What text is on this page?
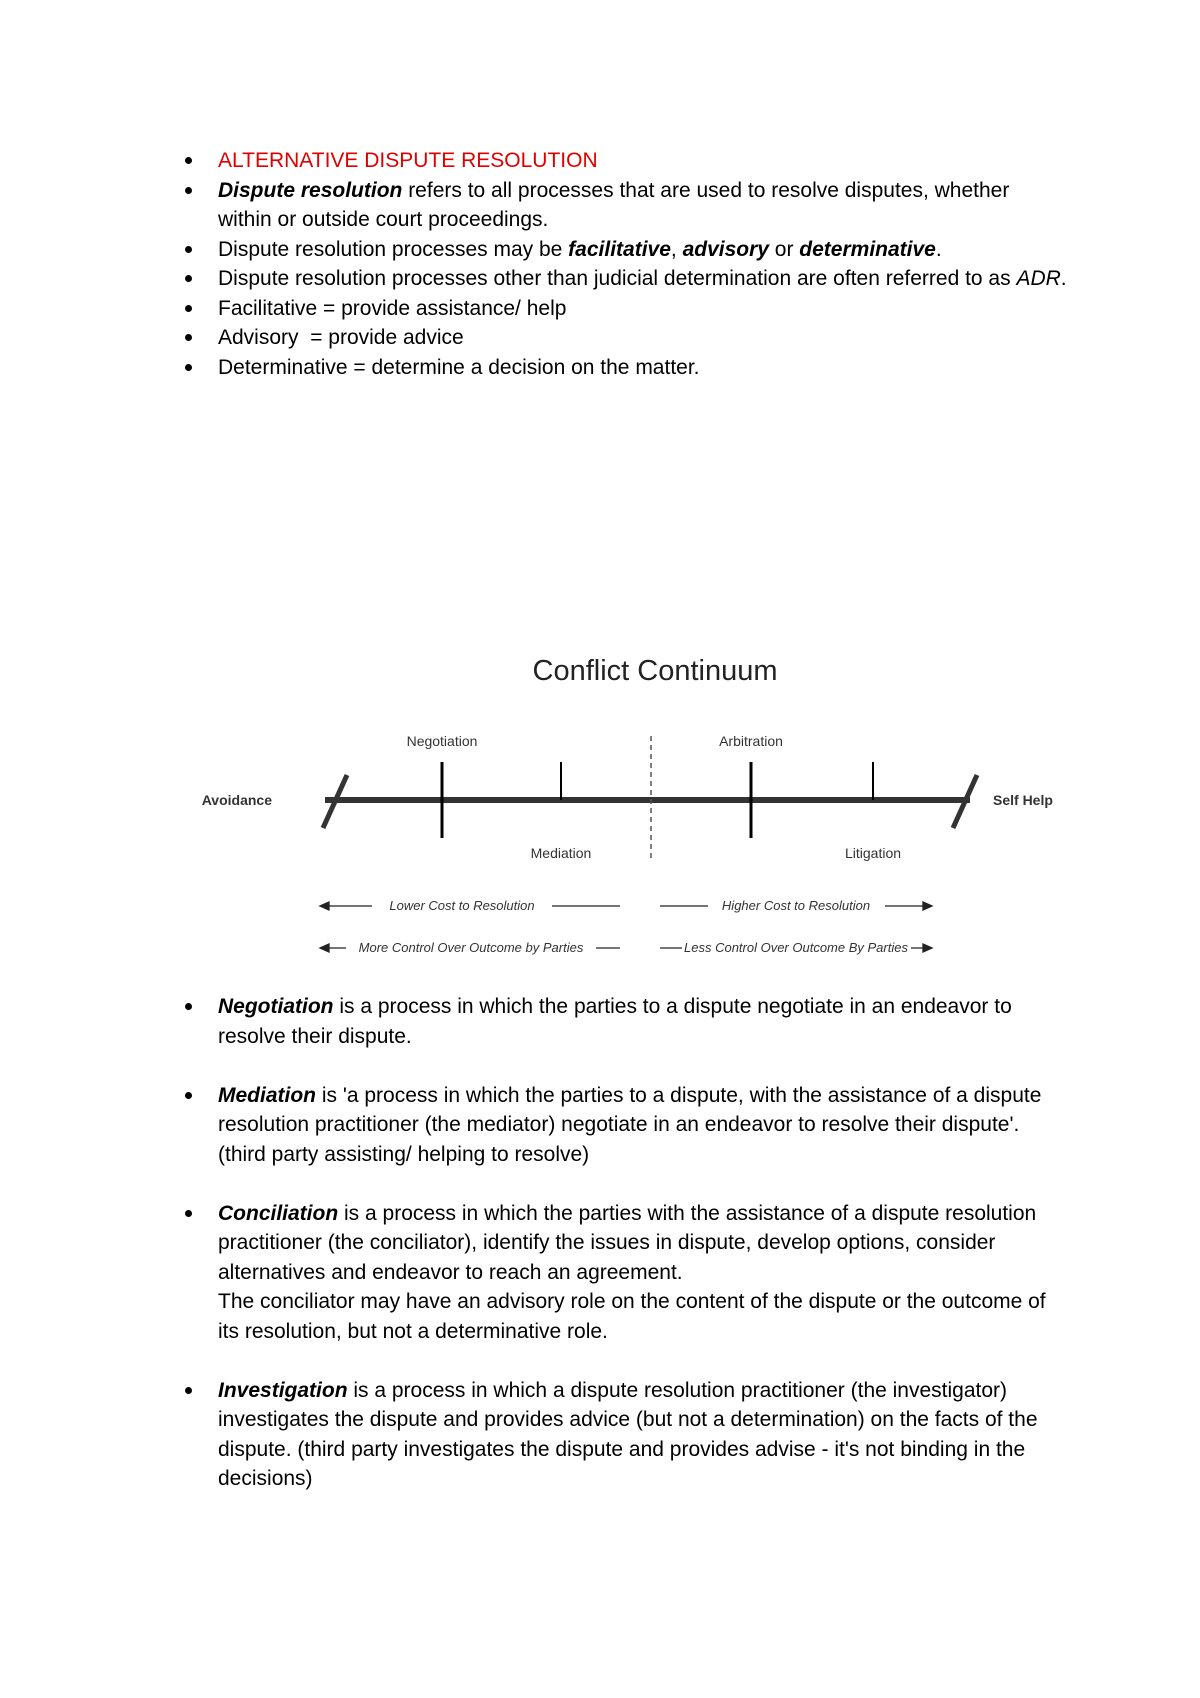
ALTERNATIVE DISPUTE RESOLUTION
Dispute resolution refers to all processes that are used to resolve disputes, whether within or outside court proceedings.
Dispute resolution processes may be facilitative, advisory or determinative.
Dispute resolution processes other than judicial determination are often referred to as ADR.
Facilitative = provide assistance/ help
Advisory  = provide advice
Determinative = determine a decision on the matter.
Conflict Continuum
Avoidance	Self Help
Negotiation
Mediation
Arbitration
Litigation
Lower Cost to Resolution	Higher Cost to Resolution
More Control Over Outcome by Parties	Less Control Over Outcome By Parties
Negotiation is a process in which the parties to a dispute negotiate in an endeavor to resolve their dispute.
Mediation is 'a process in which the parties to a dispute, with the assistance of a dispute resolution practitioner (the mediator) negotiate in an endeavor to resolve their dispute'. (third party assisting/ helping to resolve)
Conciliation is a process in which the parties with the assistance of a dispute resolution practitioner (the conciliator), identify the issues in dispute, develop options, consider alternatives and endeavor to reach an agreement.
The conciliator may have an advisory role on the content of the dispute or the outcome of its resolution, but not a determinative role.
Investigation is a process in which a dispute resolution practitioner (the investigator) investigates the dispute and provides advice (but not a determination) on the facts of the dispute. (third party investigates the dispute and provides advise - it's not binding in the decisions)
